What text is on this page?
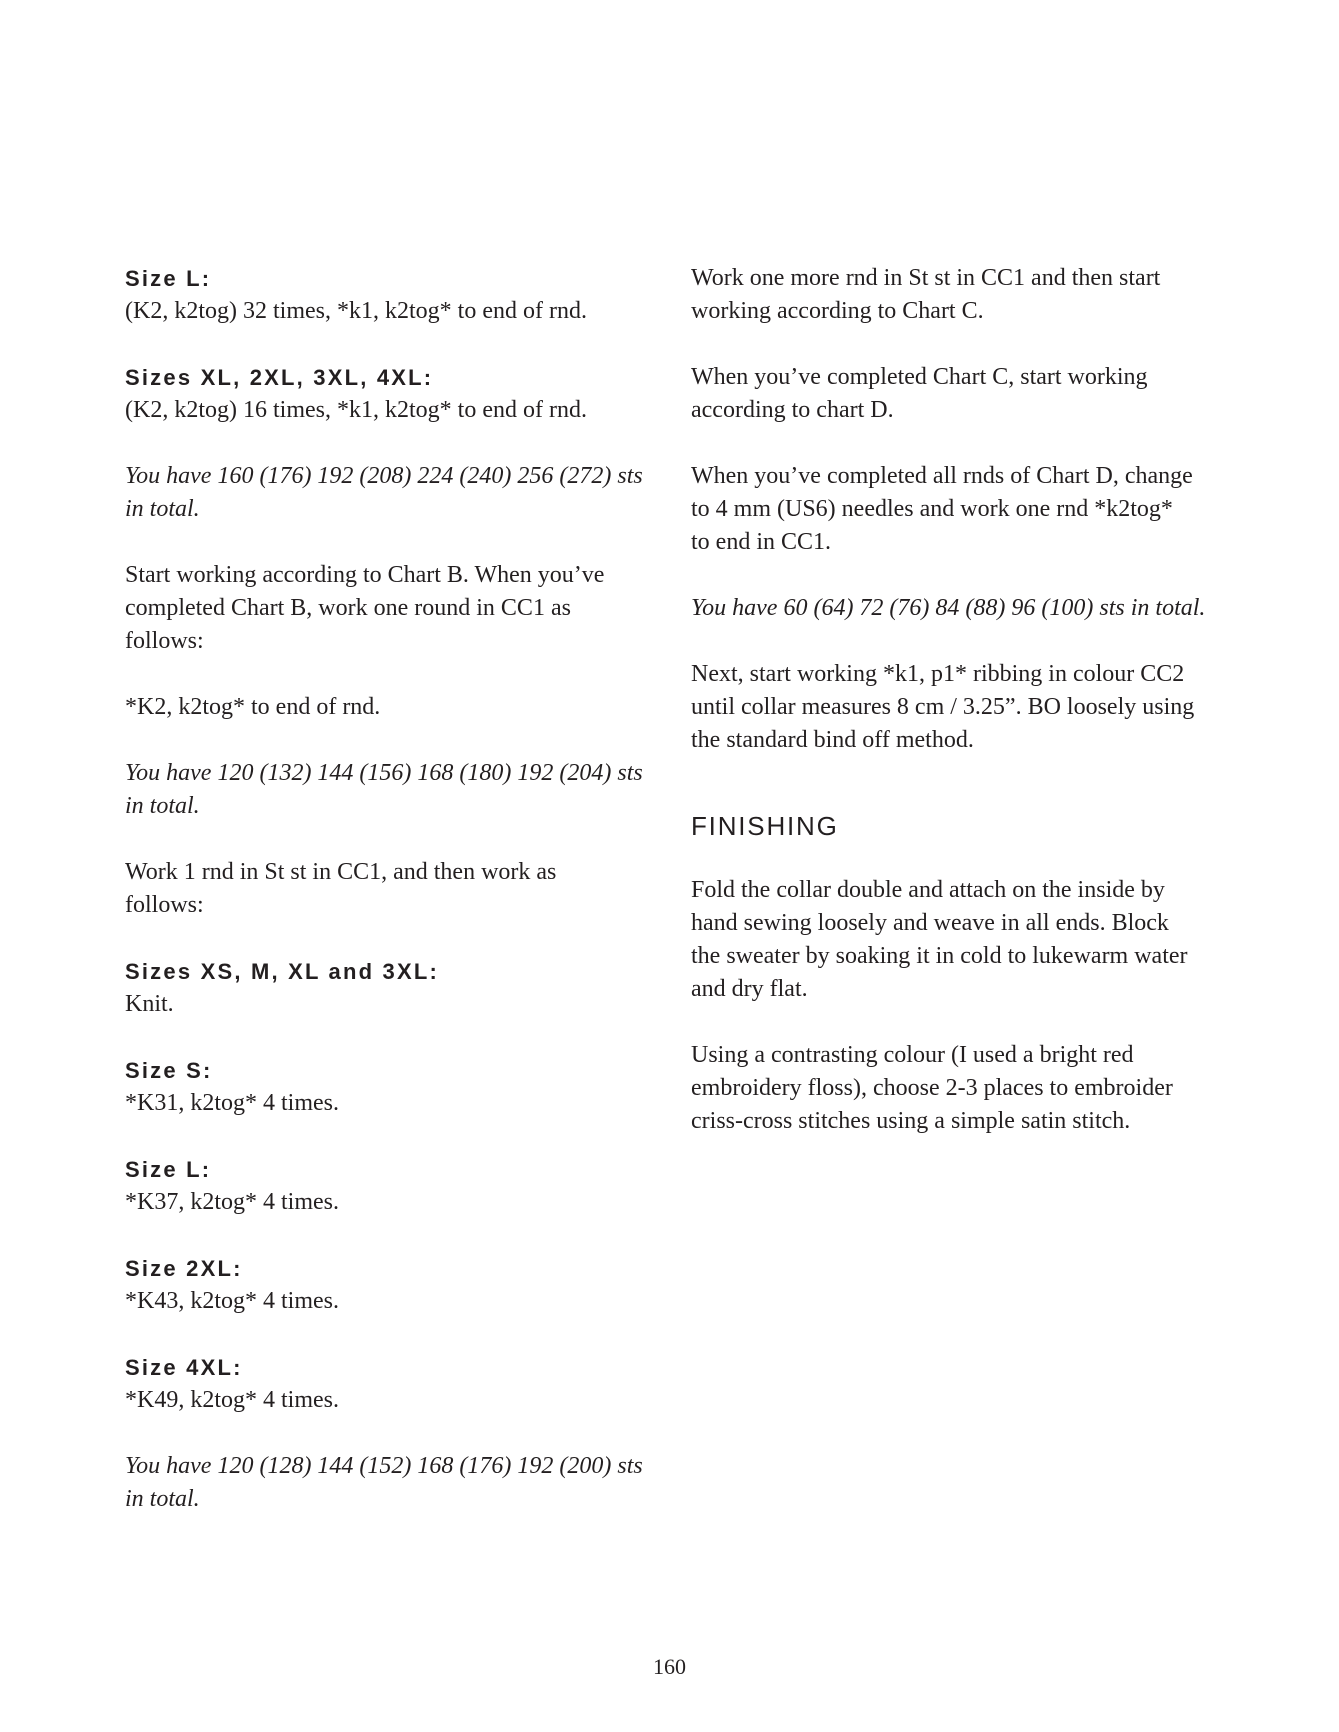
Size L:

(K2, k2tog) 32 times, *k1, k2tog* to end of rnd.

Sizes XL, 2XL, 3XL, 4XL:

(K2, k2tog) 16 times, *k1, k2tog* to end of rnd.

You have 160 (176) 192 (208) 224 (240) 256 (272) sts

in total.

Start working according to Chart B. When you’ve

completed Chart B, work one round in CC1 as

follows:

*K2, k2tog* to end of rnd.

You have 120 (132) 144 (156) 168 (180) 192 (204) sts

in total.

Work 1 rnd in St st in CC1, and then work as

follows:

Sizes XS, M, XL and 3XL:

Knit.

Size S:

*K31, k2tog* 4 times.

Size L:

*K37, k2tog* 4 times.

Size 2XL:

*K43, k2tog* 4 times.

Size 4XL:

*K49, k2tog* 4 times.

You have 120 (128) 144 (152) 168 (176) 192 (200) sts

in total.

Work one more rnd in St st in CC1 and then start

working according to Chart C.

When you’ve completed Chart C, start working

according to chart D.

When you’ve completed all rnds of Chart D, change

to 4 mm (US6) needles and work one rnd *k2tog*

to end in CC1.

You have 60 (64) 72 (76) 84 (88) 96 (100) sts in total.

Next, start working *k1, p1* ribbing in colour CC2

until collar measures 8 cm / 3.25”. BO loosely using

the standard bind off method.

FINISHING

Fold the collar double and attach on the inside by

hand sewing loosely and weave in all ends. Block

the sweater by soaking it in cold to lukewarm water

and dry flat.

Using a contrasting colour (I used a bright red

embroidery floss), choose 2-3 places to embroider

criss-cross stitches using a simple satin stitch.

160
